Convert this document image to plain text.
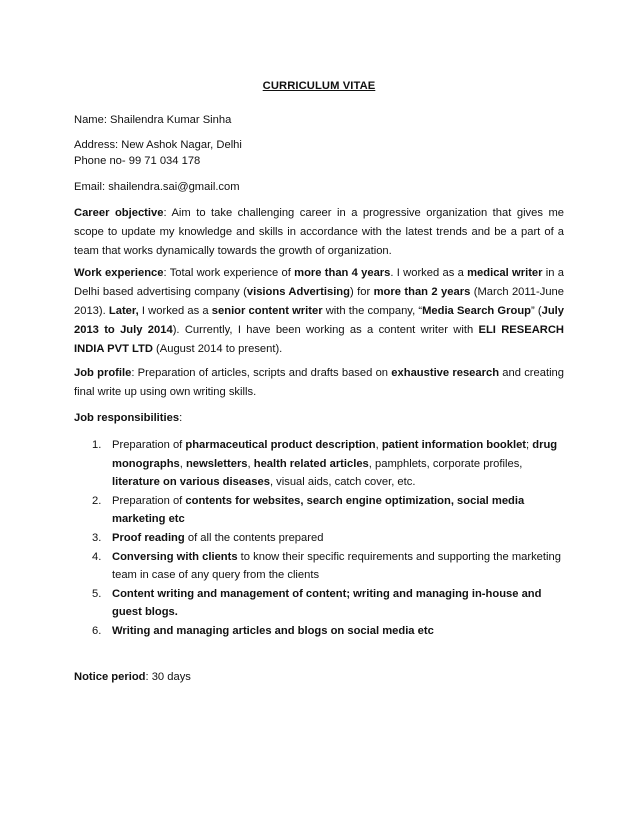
CURRICULUM VITAE
Name: Shailendra Kumar Sinha
Address: New Ashok Nagar, Delhi
Phone no- 99 71 034 178
Email: shailendra.sai@gmail.com
Career objective: Aim to take challenging career in a progressive organization that gives me scope to update my knowledge and skills in accordance with the latest trends and be a part of a team that works dynamically towards the growth of organization.
Work experience: Total work experience of more than 4 years. I worked as a medical writer in a Delhi based advertising company (visions Advertising) for more than 2 years (March 2011-June 2013). Later, I worked as a senior content writer with the company, “Media Search Group” (July 2013 to July 2014). Currently, I have been working as a content writer with ELI RESEARCH INDIA PVT LTD (August 2014 to present).
Job profile: Preparation of articles, scripts and drafts based on exhaustive research and creating final write up using own writing skills.
Job responsibilities:
1. Preparation of pharmaceutical product description, patient information booklet; drug monographs, newsletters, health related articles, pamphlets, corporate profiles, literature on various diseases, visual aids, catch cover, etc.
2. Preparation of contents for websites, search engine optimization, social media marketing etc
3. Proof reading of all the contents prepared
4. Conversing with clients to know their specific requirements and supporting the marketing team in case of any query from the clients
5. Content writing and management of content; writing and managing in-house and guest blogs.
6. Writing and managing articles and blogs on social media etc
Notice period: 30 days
